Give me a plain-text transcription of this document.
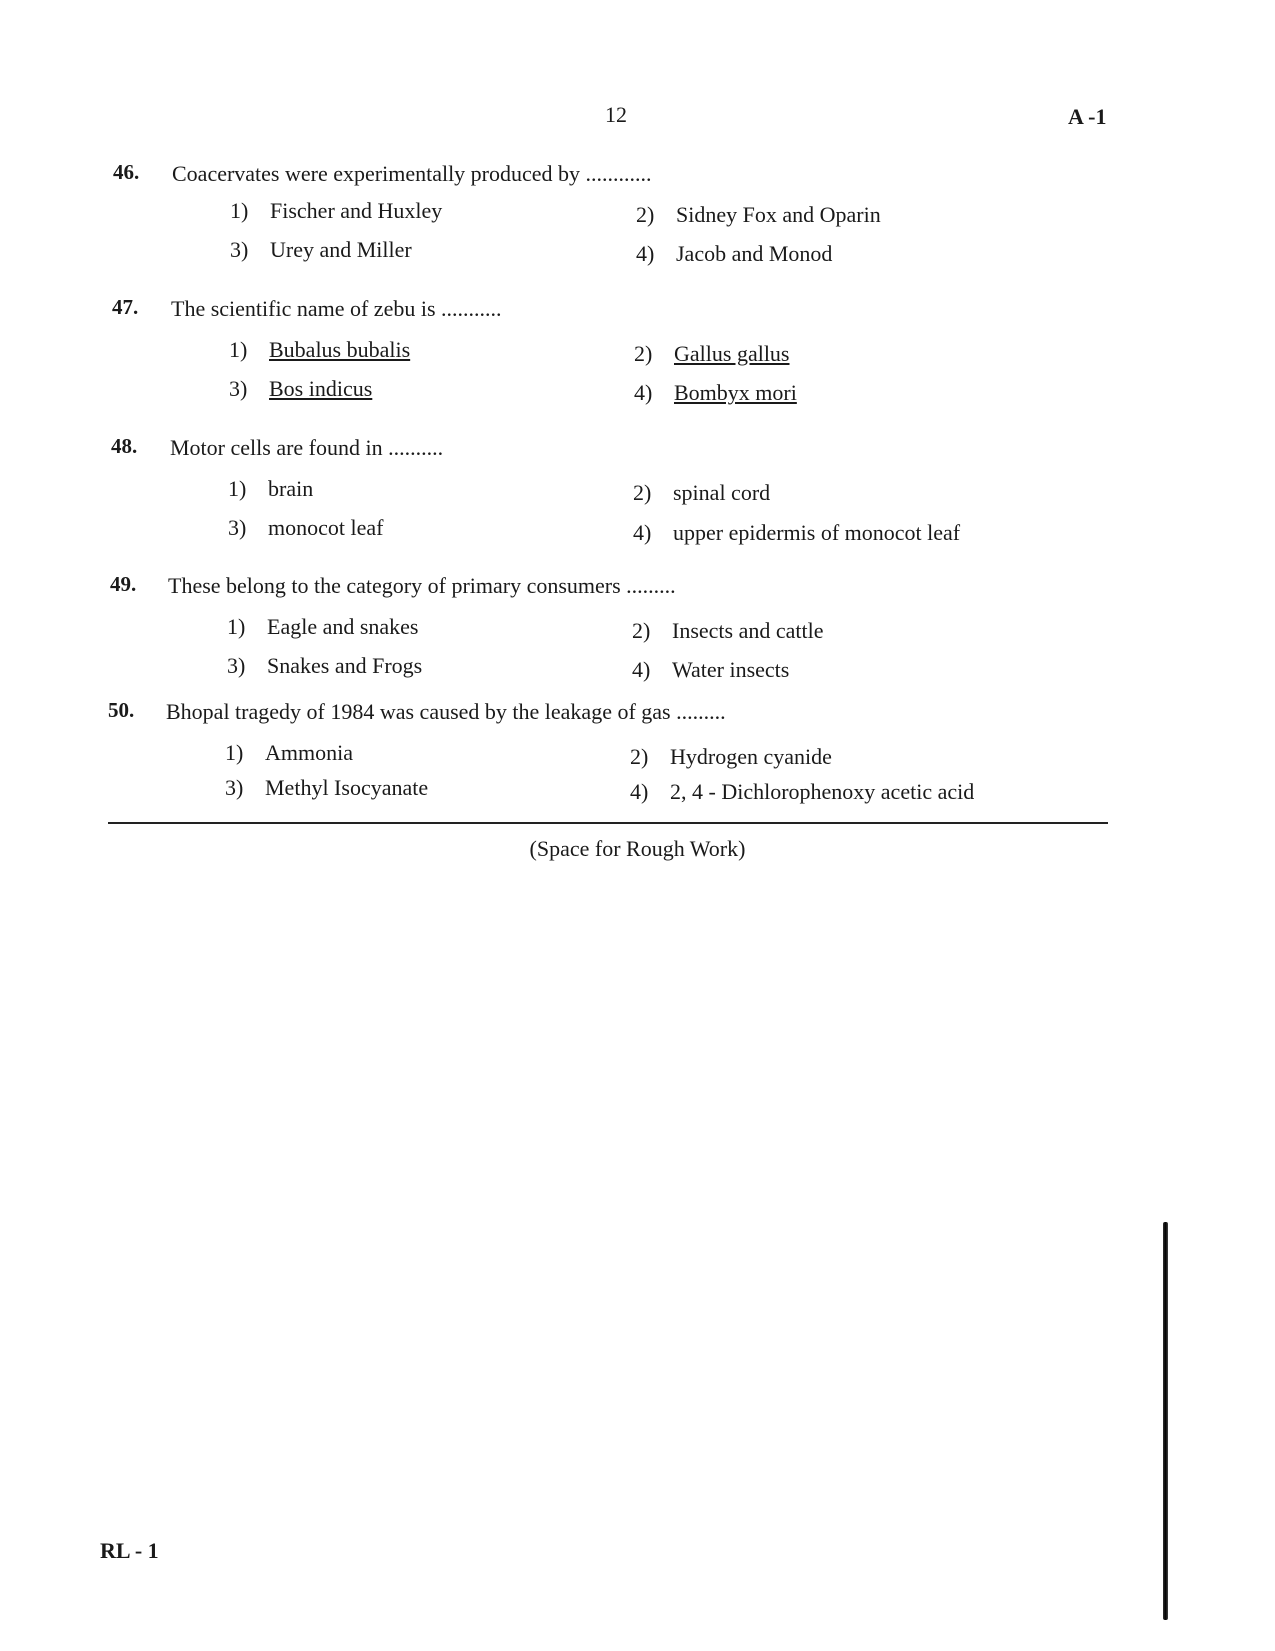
12	A -1
46. Coacervates were experimentally produced by ............
1) Fischer and Huxley	2) Sidney Fox and Oparin
3) Urey and Miller	4) Jacob and Monod
47. The scientific name of zebu is ...........
1) Bubalus bubalis	2) Gallus gallus
3) Bos indicus	4) Bombyx mori
48. Motor cells are found in ..........
1) brain	2) spinal cord
3) monocot leaf	4) upper epidermis of monocot leaf
49. These belong to the category of primary consumers .........
1) Eagle and snakes	2) Insects and cattle
3) Snakes and Frogs	4) Water insects
50. Bhopal tragedy of 1984 was caused by the leakage of gas .........
1) Ammonia	2) Hydrogen cyanide
3) Methyl Isocyanate	4) 2, 4 - Dichlorophenoxy acetic acid
(Space for Rough Work)
RL - 1
